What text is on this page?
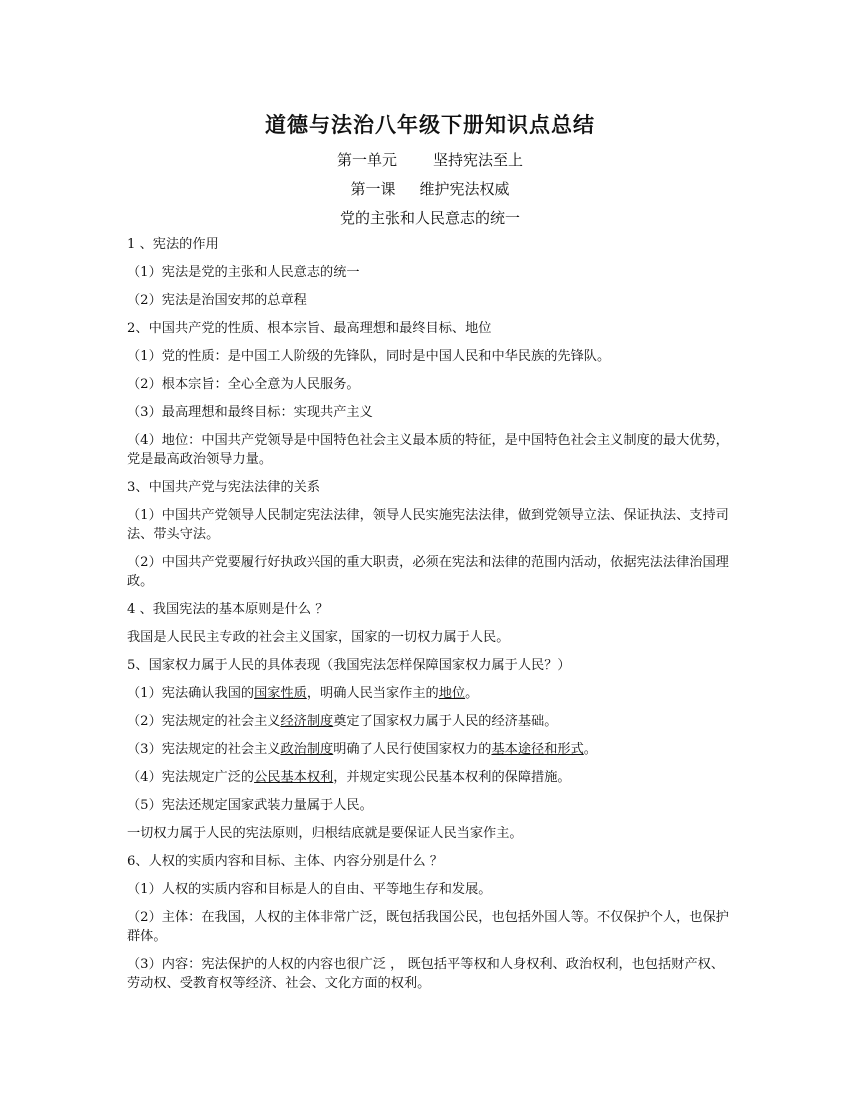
道德与法治八年级下册知识点总结
第一单元 坚持宪法至上
第一课 维护宪法权威
党的主张和人民意志的统一

1 、宪法的作用

（1）宪法是党的主张和人民意志的统一

（2）宪法是治国安邦的总章程

2、中国共产党的性质、根本宗旨、最高理想和最终目标、地位

（1）党的性质：是中国工人阶级的先锋队，同时是中国人民和中华民族的先锋队。

（2）根本宗旨：全心全意为人民服务。

（3）最高理想和最终目标：实现共产主义

（4）地位：中国共产党领导是中国特色社会主义最本质的特征，是中国特色社会主义制度的最大优势，党是最高政治领导力量。

3、中国共产党与宪法法律的关系

（1）中国共产党领导人民制定宪法法律，领导人民实施宪法法律，做到党领导立法、保证执法、支持司法、带头守法。

（2）中国共产党要履行好执政兴国的重大职责，必须在宪法和法律的范围内活动，依据宪法法律治国理政。

4 、我国宪法的基本原则是什么 ？

我国是人民民主专政的社会主义国家，国家的一切权力属于人民。

5、国家权力属于人民的具体表现（我国宪法怎样保障国家权力属于人民？）

（1）宪法确认我国的国家性质，明确人民当家作主的地位。

（2）宪法规定的社会主义经济制度奠定了国家权力属于人民的经济基础。

（3）宪法规定的社会主义政治制度明确了人民行使国家权力的基本途径和形式。

（4）宪法规定广泛的公民基本权利，并规定实现公民基本权利的保障措施。

（5）宪法还规定国家武装力量属于人民。

一切权力属于人民的宪法原则，归根结底就是要保证人民当家作主。

6、人权的实质内容和目标、主体、内容分别是什么 ？

（1）人权的实质内容和目标是人的自由、平等地生存和发展。

（2）主体：在我国，人权的主体非常广泛，既包括我国公民，也包括外国人等。不仅保护个人，也保护群体。

（3）内容：宪法保护的人权的内容也很广泛 ， 既包括平等权和人身权利、政治权利，也包括财产权、劳动权、受教育权等经济、社会、文化方面的权利。
